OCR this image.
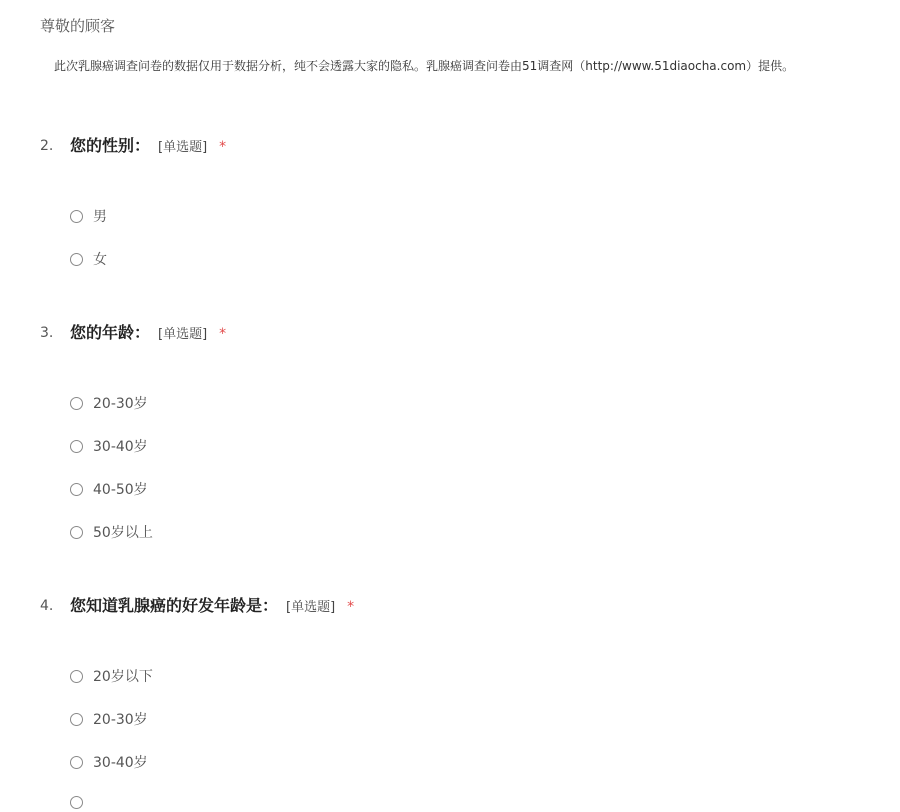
尊敬的顾客
此次乳腺癌调查问卷的数据仅用于数据分析，纯不会透露大家的隐私。乳腺癌调查问卷由51调查网（http://www.51diaocha.com）提供。
2. 您的性别： [单选题] *
男
女
3. 您的年龄： [单选题] *
20-30岁
30-40岁
40-50岁
50岁以上
4. 您知道乳腺癌的好发年龄是： [单选题] *
20岁以下
20-30岁
30-40岁
